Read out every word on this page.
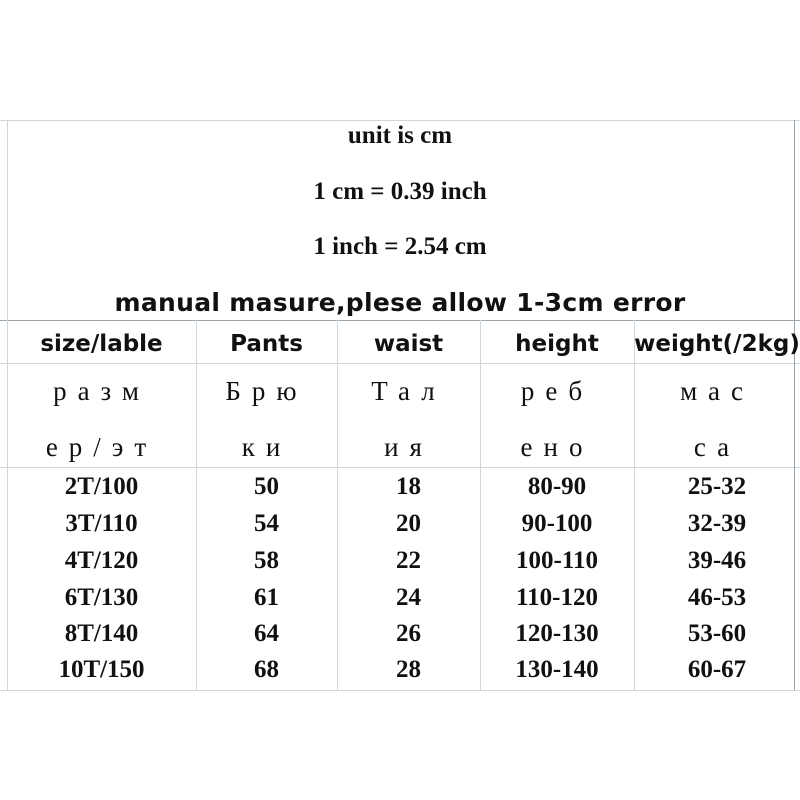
unit is cm
1 cm = 0.39 inch
1 inch = 2.54 cm
manual masure,plese allow 1-3cm error
size/lable	Pants	waist	height	weight(/2kg)
разм	Брю	Тал	реб	мас
ер/эт	ки	ия	ено	са
2T/100	50	18	80-90	25-32
3T/110	54	20	90-100	32-39
4T/120	58	22	100-110	39-46
6T/130	61	24	110-120	46-53
8T/140	64	26	120-130	53-60
10T/150	68	28	130-140	60-67
